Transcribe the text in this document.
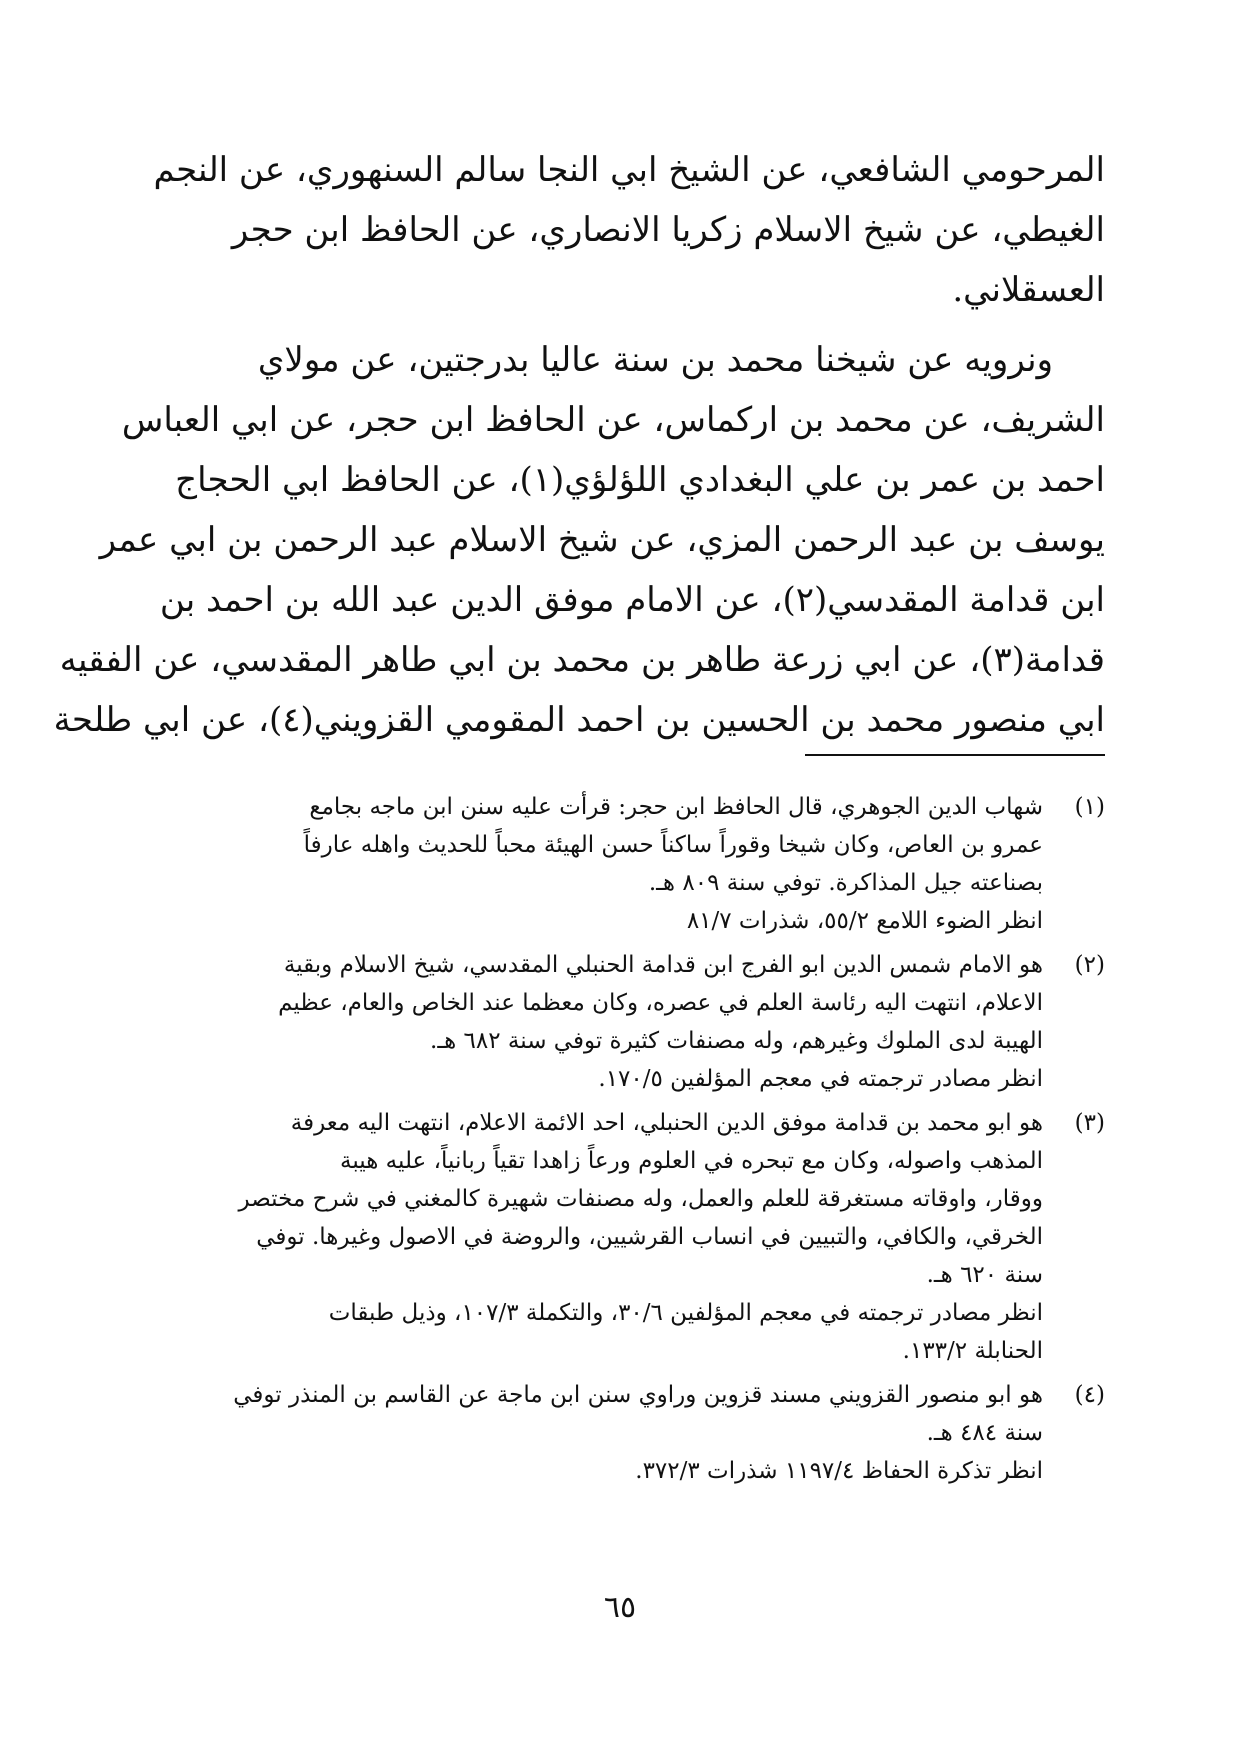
المرحومي الشافعي، عن الشيخ ابي النجا سالم السنهوري، عن النجم
الغيطي، عن شيخ الاسلام زكريا الانصاري، عن الحافظ ابن حجر
العسقلاني.
ونرويه عن شيخنا محمد بن سنة عاليا بدرجتين، عن مولاي
الشريف، عن محمد بن اركماس، عن الحافظ ابن حجر، عن ابي العباس
احمد بن عمر بن علي البغدادي اللؤلؤي(١)، عن الحافظ ابي الحجاج
يوسف بن عبد الرحمن المزي، عن شيخ الاسلام عبد الرحمن بن ابي عمر
ابن قدامة المقدسي(٢)، عن الامام موفق الدين عبد الله بن احمد بن
قدامة(٣)، عن ابي زرعة طاهر بن محمد بن ابي طاهر المقدسي، عن الفقيه
ابي منصور محمد بن الحسين بن احمد المقومي القزويني(٤)، عن ابي طلحة
(١)
شهاب الدين الجوهري، قال الحافظ ابن حجر: قرأت عليه سنن ابن ماجه بجامع
عمرو بن العاص، وكان شيخا وقوراً ساكناً حسن الهيئة محباً للحديث واهله عارفاً
بصناعته جيل المذاكرة. توفي سنة ٨٠٩ هـ.
انظر الضوء اللامع ٥٥/٢، شذرات ٨١/٧
(٢)
هو الامام شمس الدين ابو الفرج ابن قدامة الحنبلي المقدسي، شيخ الاسلام وبقية
الاعلام، انتهت اليه رئاسة العلم في عصره، وكان معظما عند الخاص والعام، عظيم
الهيبة لدى الملوك وغيرهم، وله مصنفات كثيرة توفي سنة ٦٨٢ هـ.
انظر مصادر ترجمته في معجم المؤلفين ١٧٠/٥.
(٣)
هو ابو محمد بن قدامة موفق الدين الحنبلي، احد الائمة الاعلام، انتهت اليه معرفة
المذهب واصوله، وكان مع تبحره في العلوم ورعاً زاهدا تقياً ربانياً، عليه هيبة
ووقار، واوقاته مستغرقة للعلم والعمل، وله مصنفات شهيرة كالمغني في شرح مختصر
الخرقي، والكافي، والتبيين في انساب القرشيين، والروضة في الاصول وغيرها. توفي
سنة ٦٢٠ هـ.
انظر مصادر ترجمته في معجم المؤلفين ٣٠/٦، والتكملة ١٠٧/٣، وذيل طبقات
الحنابلة ١٣٣/٢.
(٤)
هو ابو منصور القزويني مسند قزوين وراوي سنن ابن ماجة عن القاسم بن المنذر توفي
سنة ٤٨٤ هـ.
انظر تذكرة الحفاظ ١١٩٧/٤ شذرات ٣٧٢/٣.
٦٥
